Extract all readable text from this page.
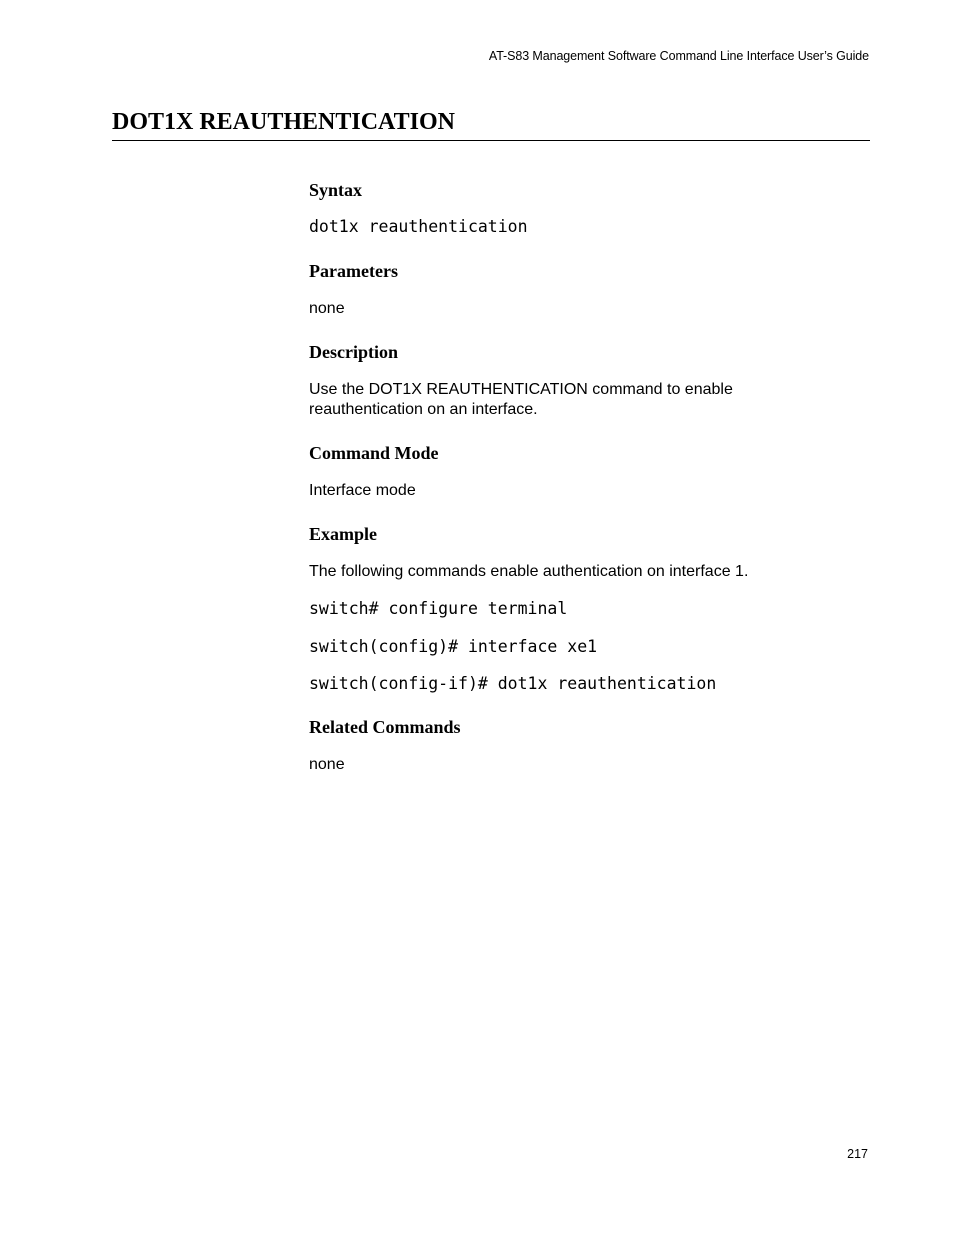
AT-S83 Management Software Command Line Interface User’s Guide
DOT1X REAUTHENTICATION
Syntax
dot1x reauthentication
Parameters

none

Description

Use the DOT1X REAUTHENTICATION command to enable

reauthentication on an interface.

Command Mode

Interface mode

Example

The following commands enable authentication on interface 1.

switch# configure terminal
switch(config)# interface xe1
switch(config-if)# dot1x reauthentication
Related Commands

none

217
